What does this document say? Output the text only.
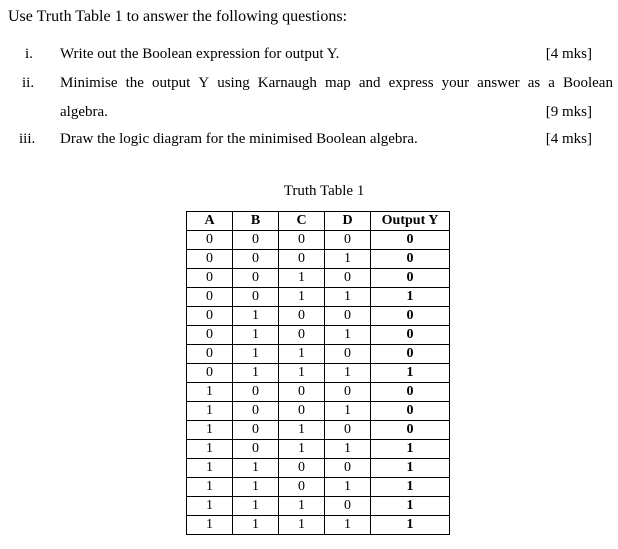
Use Truth Table 1 to answer the following questions:
i. Write out the Boolean expression for output Y.	[4 mks]
ii. Minimise the output Y using Karnaugh map and express your answer as a Boolean
algebra.	[9 mks]
iii. Draw the logic diagram for the minimised Boolean algebra.	[4 mks]
Truth Table 1
A	B	C	D	Output Y
0	0	0	0	0
0	0	0	1	0
0	0	1	0	0
0	0	1	1	1
0	1	0	0	0
0	1	0	1	0
0	1	1	0	0
0	1	1	1	1
1	0	0	0	0
1	0	0	1	0
1	0	1	0	0
1	0	1	1	1
1	1	0	0	1
1	1	0	1	1
1	1	1	0	1
1	1	1	1	1
